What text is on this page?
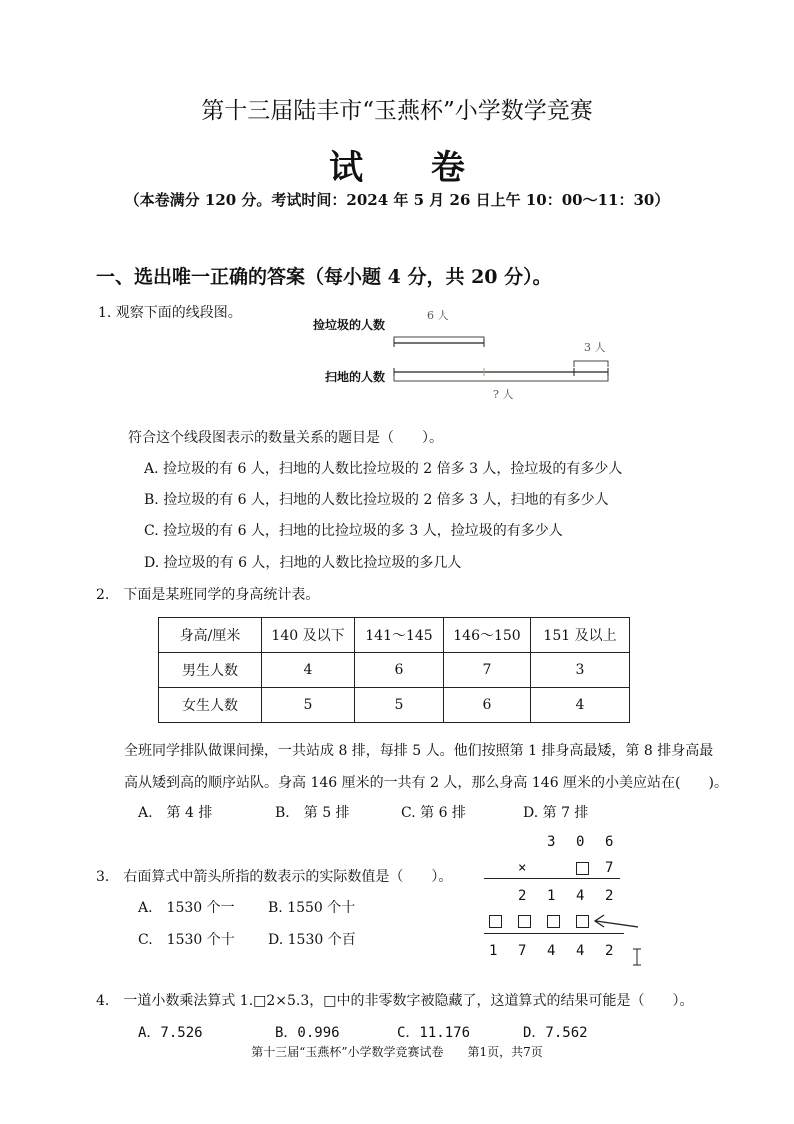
第十三届陆丰市“玉燕杯”小学数学竞赛
试 卷
（本卷满分 120 分。考试时间：2024 年 5 月 26 日上午 10：00～11：30）
一、选出唯一正确的答案（每小题 4 分，共 20 分）。
1. 观察下面的线段图。
捡垃圾的人数
扫地的人数
6 人
3 人
? 人
符合这个线段图表示的数量关系的题目是（　　）。
A. 捡垃圾的有 6 人，扫地的人数比捡垃圾的 2 倍多 3 人，捡垃圾的有多少人
B. 捡垃圾的有 6 人，扫地的人数比捡垃圾的 2 倍多 3 人，扫地的有多少人
C. 捡垃圾的有 6 人，扫地的比捡垃圾的多 3 人，捡垃圾的有多少人
D. 捡垃圾的有 6 人，扫地的人数比捡垃圾的多几人
2.　下面是某班同学的身高统计表。
身高/厘米	140 及以下	141～145	146～150	151 及以上
男生人数	4	6	7	3
女生人数	5	5	6	4
全班同学排队做课间操，一共站成 8 排，每排 5 人。他们按照第 1 排身高最矮，第 8 排身高最
高从矮到高的顺序站队。身高 146 厘米的一共有 2 人，那么身高 146 厘米的小美应站在(　　)。
A.　第 4 排	B.　第 5 排	C. 第 6 排	D. 第 7 排
3.　右面算式中箭头所指的数表示的实际数值是（　　）。
A.　1530 个一 B. 1550 个十
C.　1530 个十 D. 1530 个百
3 0 6
×	7
2 1 4 2
1 7 4 4 2
4.　一道小数乘法算式 1.□2×5.3，□中的非零数字被隐藏了，这道算式的结果可能是（　　）。
A．7.526	B．0.996	C．11.176	D．7.562
第十三届“玉燕杯”小学数学竞赛试卷　　第1页，共7页
